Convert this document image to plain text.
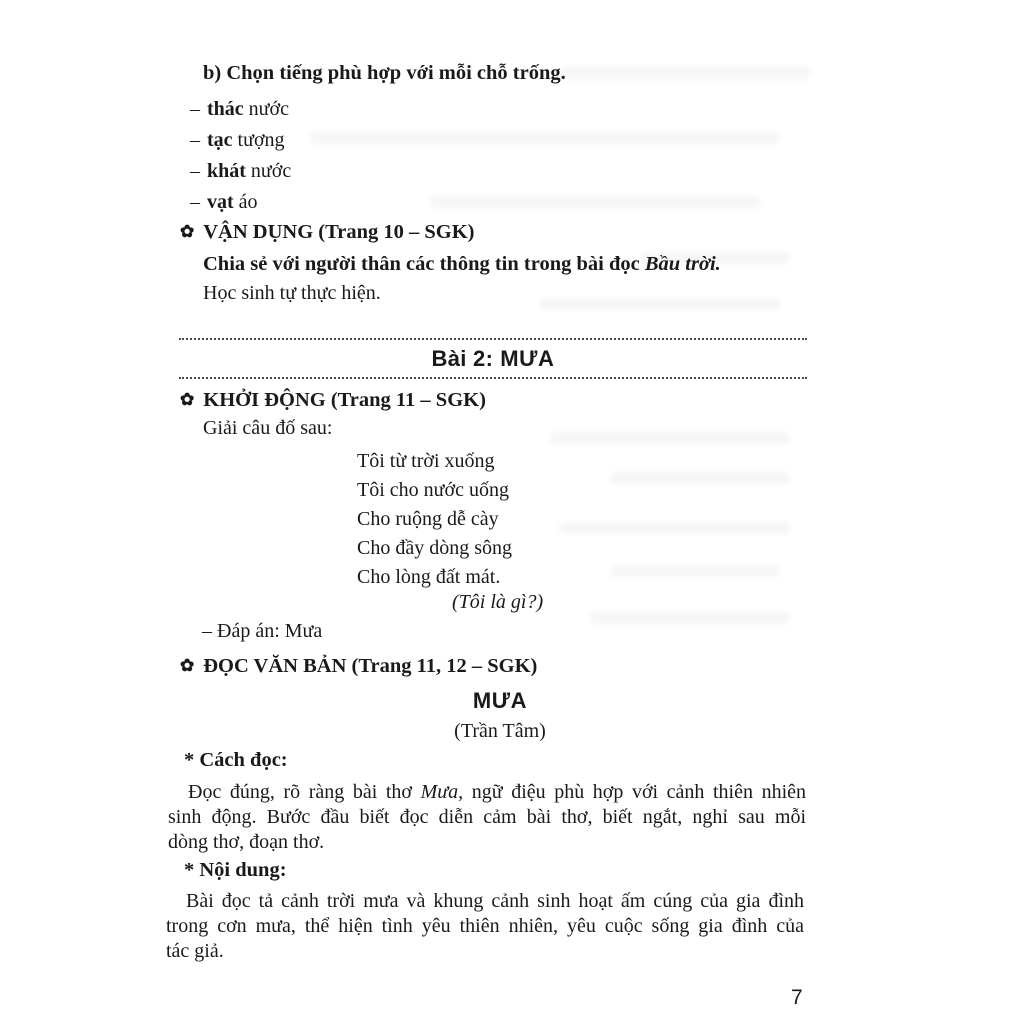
b) Chọn tiếng phù hợp với mỗi chỗ trống.
– thác nước
– tạc tượng
– khát nước
– vạt áo
✿ VẬN DỤNG (Trang 10 – SGK)
Chia sẻ với người thân các thông tin trong bài đọc Bầu trời.
Học sinh tự thực hiện.
Bài 2: MƯA
✿ KHỞI ĐỘNG (Trang 11 – SGK)
Giải câu đố sau:
Tôi từ trời xuống
Tôi cho nước uống
Cho ruộng dễ cày
Cho đầy dòng sông
Cho lòng đất mát.
(Tôi là gì?)
– Đáp án: Mưa
✿ ĐỌC VĂN BẢN (Trang 11, 12 – SGK)
MƯA
(Trần Tâm)
* Cách đọc:
Đọc đúng, rõ ràng bài thơ Mưa, ngữ điệu phù hợp với cảnh thiên nhiên
sinh động. Bước đầu biết đọc diễn cảm bài thơ, biết ngắt, nghỉ sau mỗi
dòng thơ, đoạn thơ.
* Nội dung:
Bài đọc tả cảnh trời mưa và khung cảnh sinh hoạt ấm cúng của gia đình
trong cơn mưa, thể hiện tình yêu thiên nhiên, yêu cuộc sống gia đình của
tác giả.
7
